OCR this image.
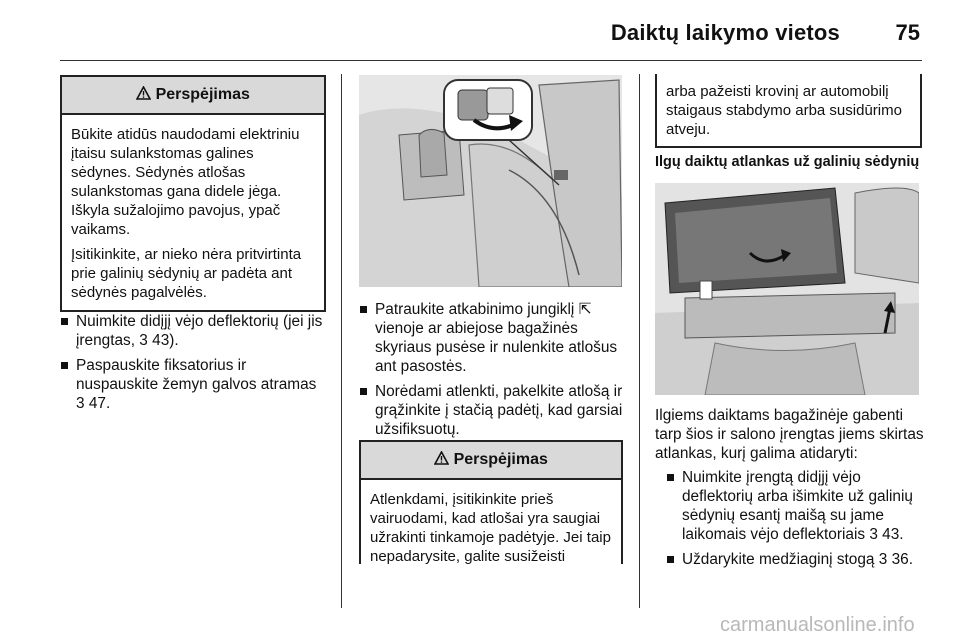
Daiktų laikymo vietos	75
Perspėjimas

Būkite atidūs naudodami elektriniu įtaisu sulankstomas galines sėdynes. Sėdynės atlošas sulankstomas gana didele jėga. Iškyla sužalojimo pavojus, ypač vaikams.

Įsitikinkite, ar nieko nėra pritvirtinta prie galinių sėdynių ar padėta ant sėdynės pagalvėlės.

Nuimkite didįjį vėjo deflektorių (jei jis įrengtas, 3 43).
Paspauskite fiksatorius ir nuspauskite žemyn galvos atramas 3 47.
Patraukite atkabinimo jungiklį ⇱ vienoje ar abiejose bagažinės skyriaus pusėse ir nulenkite atlošus ant pasostės.
Norėdami atlenkti, pakelkite atlošą ir grąžinkite į stačią padėtį, kad garsiai užsifiksuotų.
Perspėjimas

Atlenkdami, įsitikinkite prieš vairuodami, kad atlošai yra saugiai užrakinti tinkamoje padėtyje. Jei taip nepadarysite, galite susižeisti

arba pažeisti krovinį ar automobilį staigaus stabdymo arba susidūrimo atveju.

Ilgų daiktų atlankas už galinių sėdynių

Ilgiems daiktams bagažinėje gabenti tarp šios ir salono įrengtas jiems skirtas atlankas, kurį galima atidaryti:

Nuimkite įrengtą didįjį vėjo deflektorių arba išimkite už galinių sėdynių esantį maišą su jame laikomais vėjo deflektoriais 3 43.
Uždarykite medžiaginį stogą 3 36.
carmanualsonline.info
